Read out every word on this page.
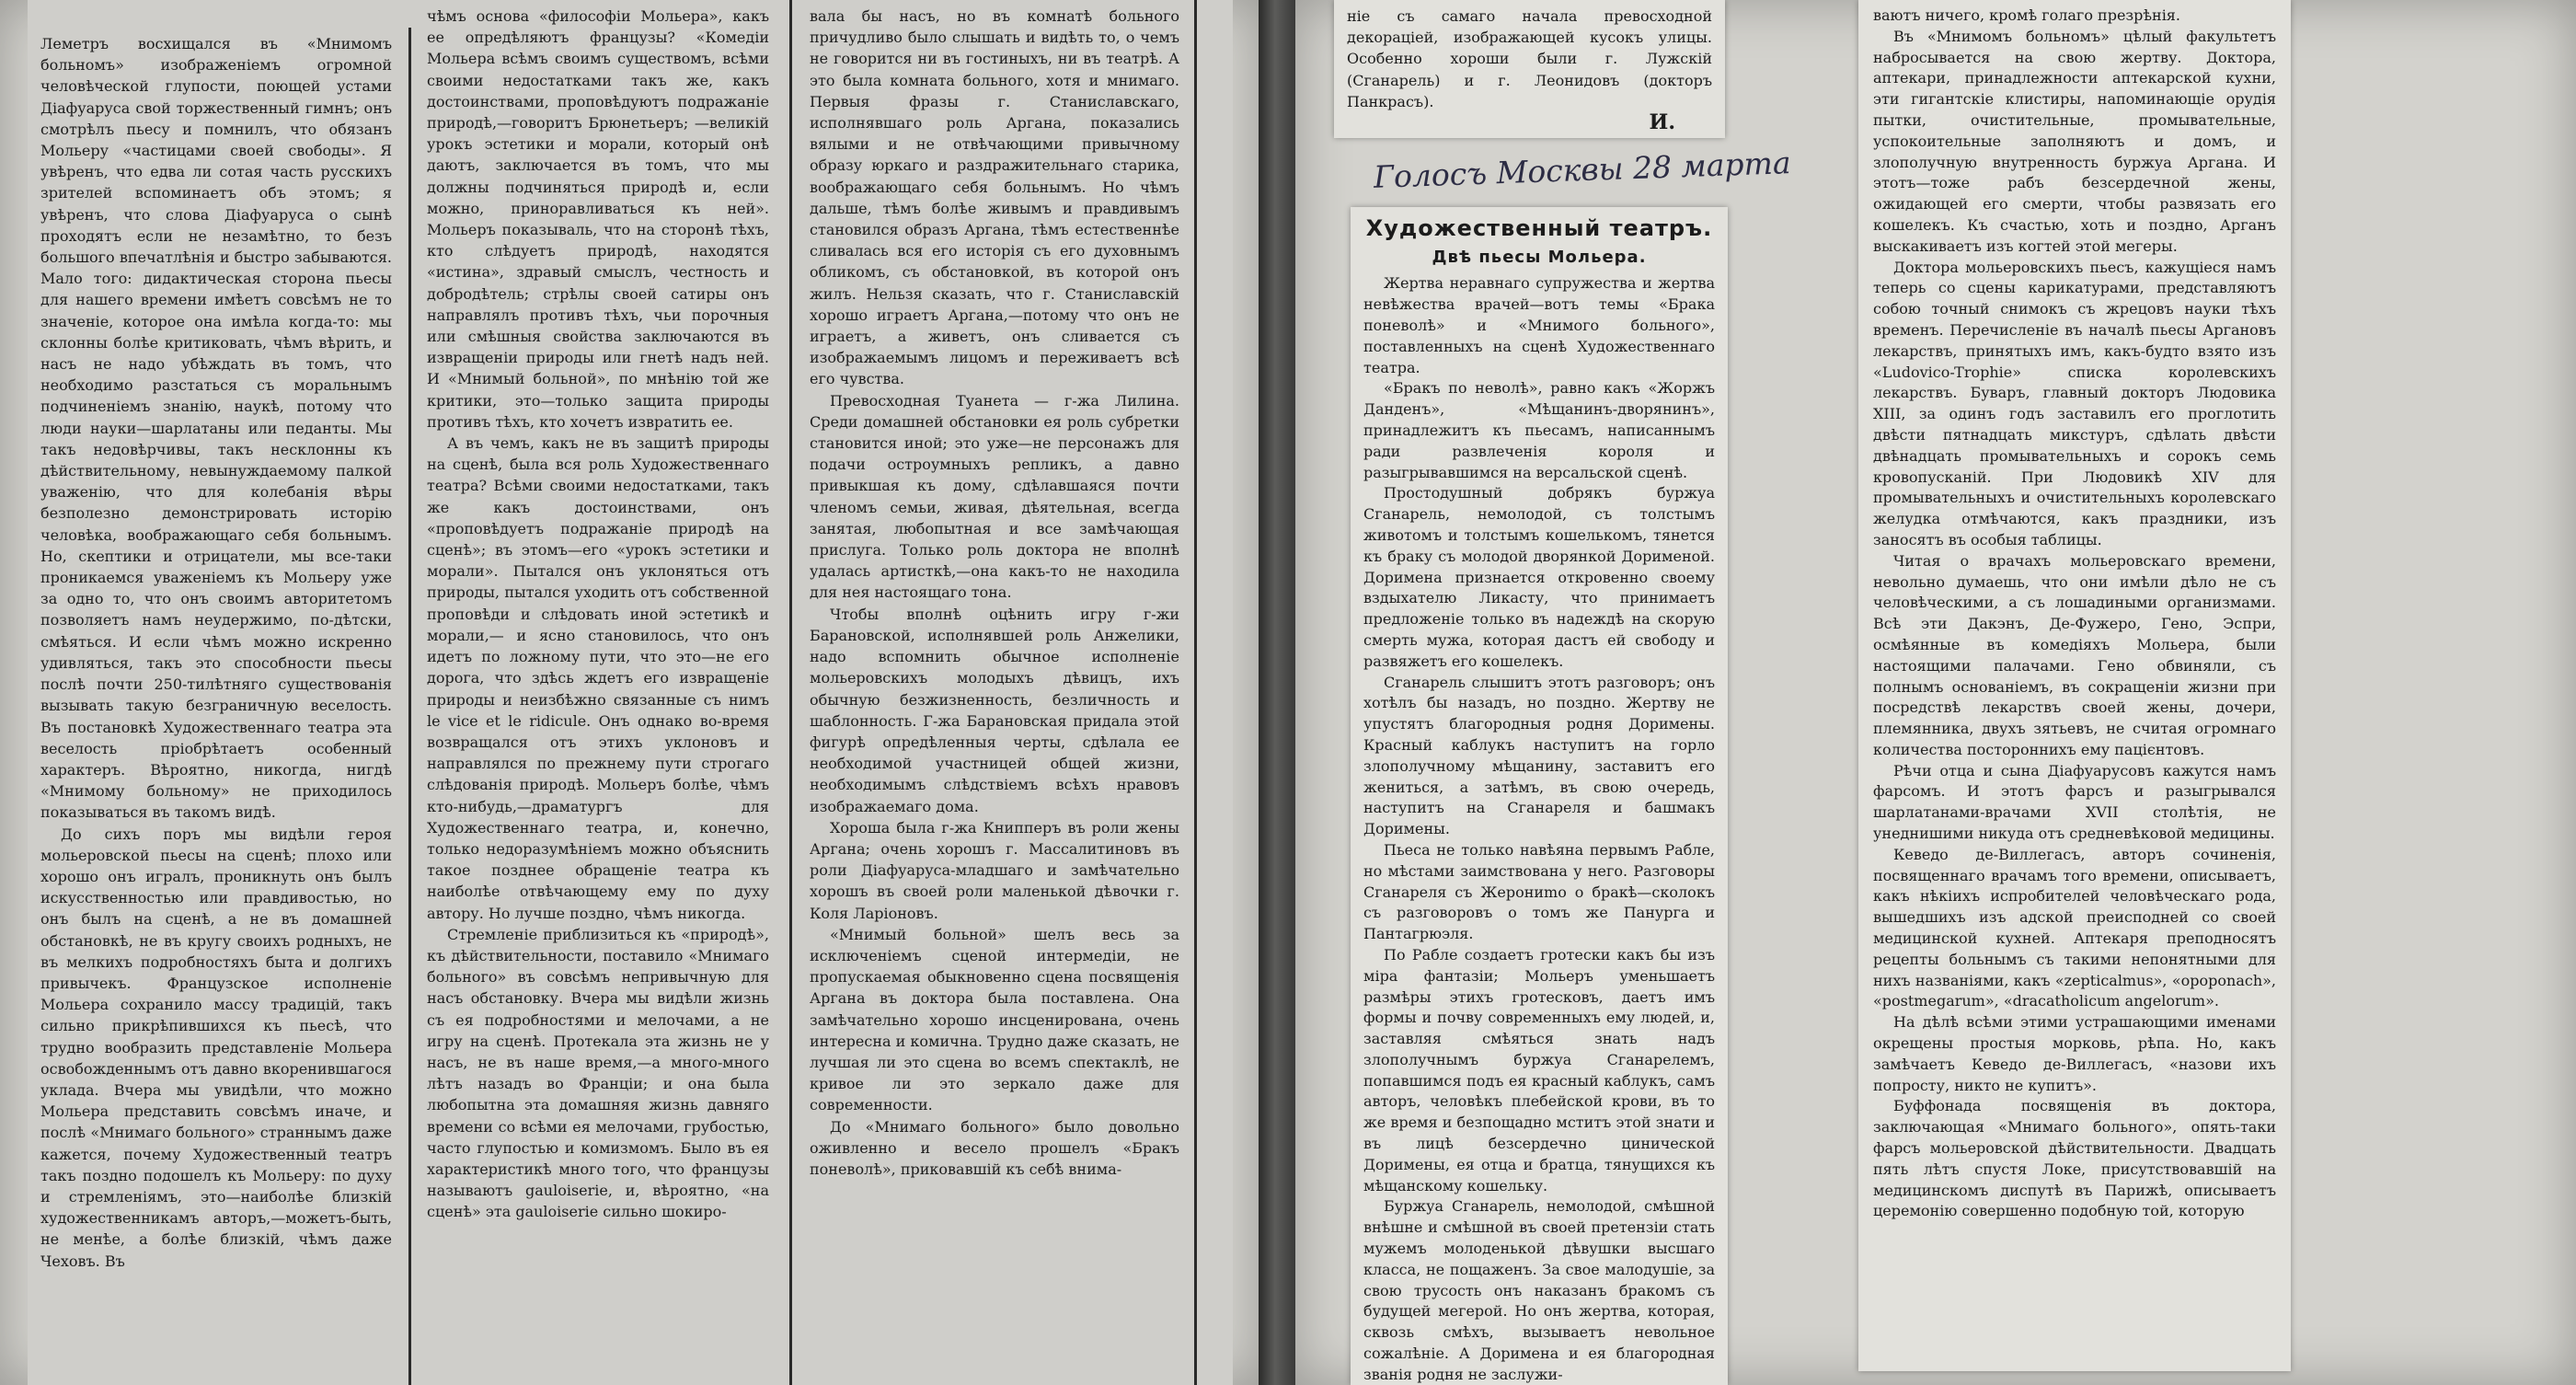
Леметръ восхищался въ «Мнимомъ больномъ» изображеніемъ огромной человѣческой глупости, поющей устами Діафуаруса свой торжественный гимнъ; онъ смотрѣлъ пьесу и помнилъ, что обязанъ Мольеру «частицами своей свободы». Я увѣренъ, что едва ли сотая часть русскихъ зрителей вспоминаетъ объ этомъ; я увѣренъ, что слова Діафуаруса о сынѣ проходятъ если не незамѣтно, то безъ большого впечатлѣнія и быстро забываются. Мало того: дидактическая сторона пьесы для нашего времени имѣетъ совсѣмъ не то значеніе, которое она имѣла когда-то: мы склонны болѣе критиковать, чѣмъ вѣрить, и насъ не надо убѣждать въ томъ, что необходимо разстаться съ моральнымъ подчиненіемъ знанію, наукѣ, потому что люди науки—шарлатаны или педанты. Мы такъ недовѣрчивы, такъ несклонны къ дѣйствительному, невынуждаемому палкой уваженію, что для колебанія вѣры безполезно демонстрировать исторію человѣка, воображающаго себя больнымъ. Но, скептики и отрицатели, мы все-таки проникаемся уваженіемъ къ Мольеру уже за одно то, что онъ своимъ авторитетомъ позволяетъ намъ неудержимо, по-дѣтски, смѣяться. И если чѣмъ можно искренно удивляться, такъ это способности пьесы послѣ почти 250-тилѣтняго существованія вызывать такую безграничную веселость. Въ постановкѣ Художественнаго театра эта веселость пріобрѣтаетъ особенный характеръ. Вѣроятно, никогда, нигдѣ «Мнимому больному» не приходилось показываться въ такомъ видѣ.

До сихъ поръ мы видѣли героя мольеровской пьесы на сценѣ; плохо или хорошо онъ игралъ, проникнуть онъ былъ искусственностью или правдивостью, но онъ былъ на сценѣ, а не въ домашней обстановкѣ, не въ кругу своихъ родныхъ, не въ мелкихъ подробностяхъ быта и долгихъ привычекъ. Французское исполненіе Мольера сохранило массу традицій, такъ сильно прикрѣпившихся къ пьесѣ, что трудно вообразить представленіе Мольера освобожденнымъ отъ давно вкоренившагося уклада. Вчера мы увидѣли, что можно Мольера представить совсѣмъ иначе, и послѣ «Мнимаго больного» страннымъ даже кажется, почему Художественный театръ такъ поздно подошелъ къ Мольеру: по духу и стремленіямъ, это—наиболѣе близкій художественникамъ авторъ,—можетъ-быть, не менѣе, а болѣе близкій, чѣмъ даже Чеховъ. Въ

чѣмъ основа «философіи Мольера», какъ ее опредѣляютъ французы? «Комедіи Мольера всѣмъ своимъ существомъ, всѣми своими недостатками такъ же, какъ достоинствами, проповѣдуютъ подражаніе природѣ,—говоритъ Брюнетьеръ; —великій урокъ эстетики и морали, который онѣ даютъ, заключается въ томъ, что мы должны подчиняться природѣ и, если можно, приноравливаться къ ней». Мольеръ показываль, что на сторонѣ тѣхъ, кто слѣдуетъ природѣ, находятся «истина», здравый смыслъ, честность и добродѣтель; стрѣлы своей сатиры онъ направлялъ противъ тѣхъ, чьи порочныя или смѣшныя свойства заключаются въ извращеніи природы или гнетѣ надъ ней. И «Мнимый больной», по мнѣнію той же критики, это—только защита природы противъ тѣхъ, кто хочетъ извратить ее.

А въ чемъ, какъ не въ защитѣ природы на сценѣ, была вся роль Художественнаго театра? Всѣми своими недостатками, такъ же какъ достоинствами, онъ «проповѣдуетъ подражаніе природѣ на сценѣ»; въ этомъ—его «урокъ эстетики и морали». Пытался онъ уклоняться отъ природы, пытался уходить отъ собственной проповѣди и слѣдовать иной эстетикѣ и морали,— и ясно становилось, что онъ идетъ по ложному пути, что это—не его дорога, что здѣсь ждетъ его извращеніе природы и неизбѣжно связанные съ нимъ le vice et le ridicule. Онъ однако во-время возвращался отъ этихъ уклоновъ и направлялся по прежнему пути строгаго слѣдованія природѣ. Мольеръ болѣе, чѣмъ кто-нибудь,—драматургъ для Художественнаго театра, и, конечно, только недоразумѣніемъ можно объяснить такое позднее обращеніе театра къ наиболѣе отвѣчающему ему по духу автору. Но лучше поздно, чѣмъ никогда.

Стремленіе приблизиться къ «природѣ», къ дѣйствительности, поставило «Мнимаго больного» въ совсѣмъ непривычную для насъ обстановку. Вчера мы видѣли жизнь съ ея подробностями и мелочами, а не игру на сценѣ. Протекала эта жизнь не у насъ, не въ наше время,—а много-много лѣтъ назадъ во Франціи; и она была любопытна эта домашняя жизнь давняго времени со всѣми ея мелочами, грубостью, часто глупостью и комизмомъ. Было въ ея характеристикѣ много того, что французы называютъ gauloiserie, и, вѣроятно, «на сценѣ» эта gauloiserie сильно шокиро-

вала бы насъ, но въ комнатѣ больного причудливо было слышать и видѣть то, о чемъ не говорится ни въ гостиныхъ, ни въ театрѣ. А это была комната больного, хотя и мнимаго. Первыя фразы г. Станиславскаго, исполнявшаго роль Аргана, показались вялыми и не отвѣчающими привычному образу юркаго и раздражительнаго старика, воображающаго себя больнымъ. Но чѣмъ дальше, тѣмъ болѣе живымъ и правдивымъ становился образъ Аргана, тѣмъ естественнѣе сливалась вся его исторія съ его духовнымъ обликомъ, съ обстановкой, въ которой онъ жилъ. Нельзя сказать, что г. Станиславскій хорошо играетъ Аргана,—потому что онъ не играетъ, а живетъ, онъ сливается съ изображаемымъ лицомъ и переживаетъ всѣ его чувства.

Превосходная Туанета — г-жа Лилина. Среди домашней обстановки ея роль субретки становится иной; это уже—не персонажъ для подачи остроумныхъ репликъ, а давно привыкшая къ дому, сдѣлавшаяся почти членомъ семьи, живая, дѣятельная, всегда занятая, любопытная и все замѣчающая прислуга. Только роль доктора не вполнѣ удалась артисткѣ,—она какъ-то не находила для нея настоящаго тона.

Чтобы вполнѣ оцѣнить игру г-жи Барановской, исполнявшей роль Анжелики, надо вспомнить обычное исполненіе мольеровскихъ молодыхъ дѣвицъ, ихъ обычную безжизненность, безличность и шаблонность. Г-жа Барановская придала этой фигурѣ опредѣленныя черты, сдѣлала ее необходимой участницей общей жизни, необходимымъ слѣдствіемъ всѣхъ нравовъ изображаемаго дома.

Хороша была г-жа Книпперъ въ роли жены Аргана; очень хорошъ г. Массалитиновъ въ роли Діафуаруса-младшаго и замѣчательно хорошъ въ своей роли маленькой дѣвочки г. Коля Ларіоновъ.

«Мнимый больной» шелъ весь за исключеніемъ сценой интермедіи, не пропускаемая обыкновенно сцена посвященія Аргана въ доктора была поставлена. Она замѣчательно хорошо инсценирована, очень интересна и комична. Трудно даже сказать, не лучшая ли это сцена во всемъ спектаклѣ, не кривое ли это зеркало даже для современности.

До «Мнимаго больного» было довольно оживленно и весело прошелъ «Бракъ поневолѣ», приковавшій къ себѣ внима-

ніе съ самаго начала превосходной декораціей, изображающей кусокъ улицы. Особенно хороши были г. Лужскій (Сганарель) и г. Леонидовъ (докторъ Панкрасъ).

И.
Голосъ Москвы 28 марта
Художественный театръ.
Двѣ пьесы Мольера.

Жертва неравнаго супружества и жертва невѣжества врачей—вотъ темы «Брака поневолѣ» и «Мнимого больного», поставленныхъ на сценѣ Художественнаго театра.

«Бракъ по неволѣ», равно какъ «Жоржъ Данденъ», «Мѣщанинъ-дворянинъ», принадлежитъ къ пьесамъ, написаннымъ ради развлеченія короля и разыгрывавшимся на версальской сценѣ.

Простодушный добрякъ буржуа Сганарель, немолодой, съ толстымъ животомъ и толстымъ кошелькомъ, тянется къ браку съ молодой дворянкой Дорименой. Доримена признается откровенно своему вздыхателю Ликасту, что принимаетъ предложеніе только въ надеждѣ на скорую смерть мужа, которая дастъ ей свободу и развяжетъ его кошелекъ.

Сганарель слышитъ этотъ разговоръ; онъ хотѣлъ бы назадъ, но поздно. Жертву не упустятъ благородныя родня Доримены. Красный каблукъ наступитъ на горло злополучному мѣщанину, заставитъ его жениться, а затѣмъ, въ свою очередь, наступитъ на Сганареля и башмакъ Доримены.

Пьеса не только навѣяна первымъ Рабле, но мѣстами заимствована у него. Разговоры Сганареля съ Жерониmo о бракѣ—сколокъ съ разговоровъ о томъ же Панурга и Пантагрюэля.

По Рабле создаетъ гротески какъ бы изъ міра фантазіи; Мольеръ уменьшаетъ размѣры этихъ гротесковъ, даетъ имъ формы и почву современныхъ ему людей, и, заставляя смѣяться знать надъ злополучнымъ буржуа Сганарелемъ, попавшимся подъ ея красный каблукъ, самъ авторъ, человѣкъ плебейской крови, въ то же время и безпощадно мститъ этой знати и въ лицѣ безсердечно цинической Доримены, ея отца и братца, тянущихся къ мѣщанскому кошельку.

Буржуа Сганарель, немолодой, смѣшной внѣшне и смѣшной въ своей претензіи стать мужемъ молоденькой дѣвушки высшаго класса, не пощаженъ. За свое малодушіе, за свою трусость онъ наказанъ бракомъ съ будущей мегерой. Но онъ жертва, которая, сквозь смѣхъ, вызываетъ невольное сожалѣніе. А Доримена и ея благородная званія родня не заслужи-

ваютъ ничего, кромѣ голаго презрѣнія.

Въ «Мнимомъ больномъ» цѣлый факультетъ набросывается на свою жертву. Доктора, аптекари, принадлежности аптекарской кухни, эти гигантскіе клистиры, напоминающіе орудія пытки, очистительные, промывательные, успокоительные заполняютъ и домъ, и злополучную внутренность буржуа Аргана. И этотъ—тоже рабъ безсердечной жены, ожидающей его смерти, чтобы развязать его кошелекъ. Къ счастью, хоть и поздно, Арганъ выскакиваетъ изъ когтей этой мегеры.

Доктора мольеровскихъ пьесъ, кажущіеся намъ теперь со сцены карикатурами, представляютъ собою точный снимокъ съ жрецовъ науки тѣхъ временъ. Перечисленіе въ началѣ пьесы Аргановъ лекарствъ, принятыхъ имъ, какъ-будто взято изъ «Ludovico-Trophie» списка королевскихъ лекарствъ. Буваръ, главный докторъ Людовика XIII, за одинъ годъ заставилъ его проглотить двѣсти пятнадцать микстуръ, сдѣлать двѣсти двѣнадцать промывательныхъ и сорокъ семь кровопусканій. При Людовикѣ XIV для промывательныхъ и очистительныхъ королевскаго желудка отмѣчаются, какъ праздники, изъ заносятъ въ особыя таблицы.

Читая о врачахъ мольеровскаго времени, невольно думаешь, что они имѣли дѣло не съ человѣческими, а съ лошадиными организмами. Всѣ эти Дакэнъ, Де-Фужеро, Гено, Эспри, осмѣянные въ комедіяхъ Мольера, были настоящими палачами. Гено обвиняли, съ полнымъ основаніемъ, въ сокращеніи жизни при посредствѣ лекарствъ своей жены, дочери, племянника, двухъ зятьевъ, не считая огромнаго количества постороннихъ ему пацієнтовъ.

Рѣчи отца и сына Діафуарусовъ кажутся намъ фарсомъ. И этотъ фарсъ и разыгрывался шарлатанами-врачами XVII столѣтія, не унеднишими никуда отъ средневѣковой медицины.

Кеведо де-Виллегасъ, авторъ сочиненія, посвященнаго врачамъ того времени, описываетъ, какъ нѣкіихъ испробителей человѣческаго рода, вышедшихъ изъ адской преисподней со своей медицинской кухней. Аптекаря преподносятъ рецепты больнымъ съ такими непонятными для нихъ названіями, какъ «zepticalmus», «opoponach», «postmegarum», «dracatholicum angelorum».

На дѣлѣ всѣми этими устрашающими именами окрещены простыя морковь, рѣпа. Но, какъ замѣчаетъ Кеведо де-Виллегасъ, «назови ихъ попросту, никто не купитъ».

Буффонада посвященія въ доктора, заключающая «Мнимаго больного», опять-таки фарсъ мольеровской дѣйствительности. Двадцать пять лѣтъ спустя Локе, присутствовавшій на медицинскомъ диспутѣ въ Парижѣ, описываетъ церемонію совершенно подобную той, которую
